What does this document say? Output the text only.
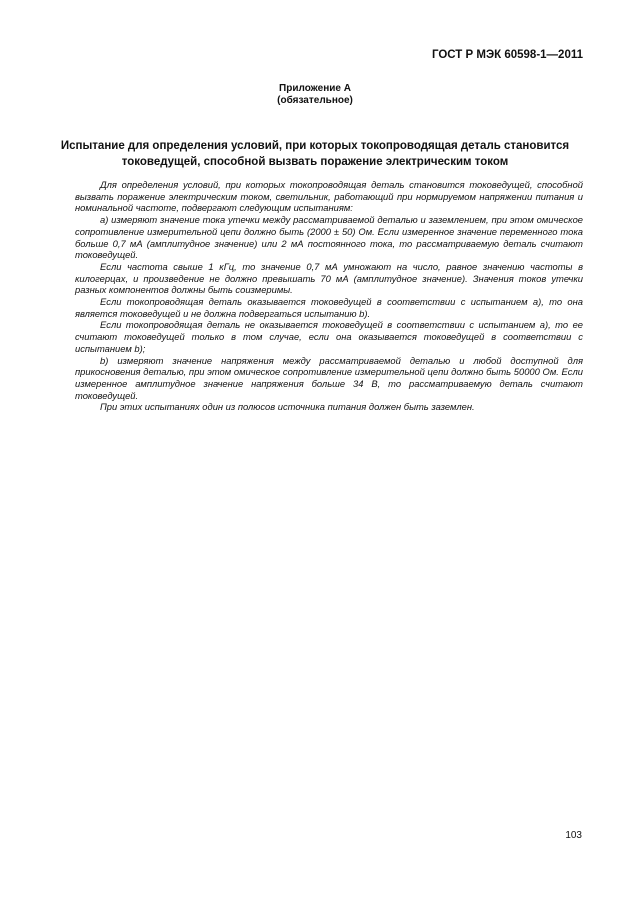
ГОСТ Р МЭК 60598-1—2011
Приложение А
(обязательное)
Испытание для определения условий, при которых токопроводящая деталь становится токоведущей, способной вызвать поражение электрическим током

Для определения условий, при которых токопроводящая деталь становится токоведущей, способной вызвать поражение электрическим током, светильник, работающий при нормируемом напряжении питания и номинальной частоте, подвергают следующим испытаниям:

а) измеряют значение тока утечки между рассматриваемой деталью и заземлением, при этом омическое сопротивление измерительной цепи должно быть (2000 ± 50) Ом. Если измеренное значение переменного тока больше 0,7 мА (амплитудное значение) или 2 мА постоянного тока, то рассматриваемую деталь считают токоведущей.

Если частота свыше 1 кГц, то значение 0,7 мА умножают на число, равное значению частоты в килогерцах, и произведение не должно превышать 70 мА (амплитудное значение). Значения токов утечки разных компонентов должны быть соизмеримы.

Если токопроводящая деталь оказывается токоведущей в соответствии с испытанием а), то она является токоведущей и не должна подвергаться испытанию b).

Если токопроводящая деталь не оказывается токоведущей в соответствии с испытанием а), то ее считают токоведущей только в том случае, если она оказывается токоведущей в соответствии с испытанием b);

b) измеряют значение напряжения между рассматриваемой деталью и любой доступной для прикосновения деталью, при этом омическое сопротивление измерительной цепи должно быть 50000 Ом. Если измеренное амплитудное значение напряжения больше 34 В, то рассматриваемую деталь считают токоведущей.

При этих испытаниях один из полюсов источника питания должен быть заземлен.

103
